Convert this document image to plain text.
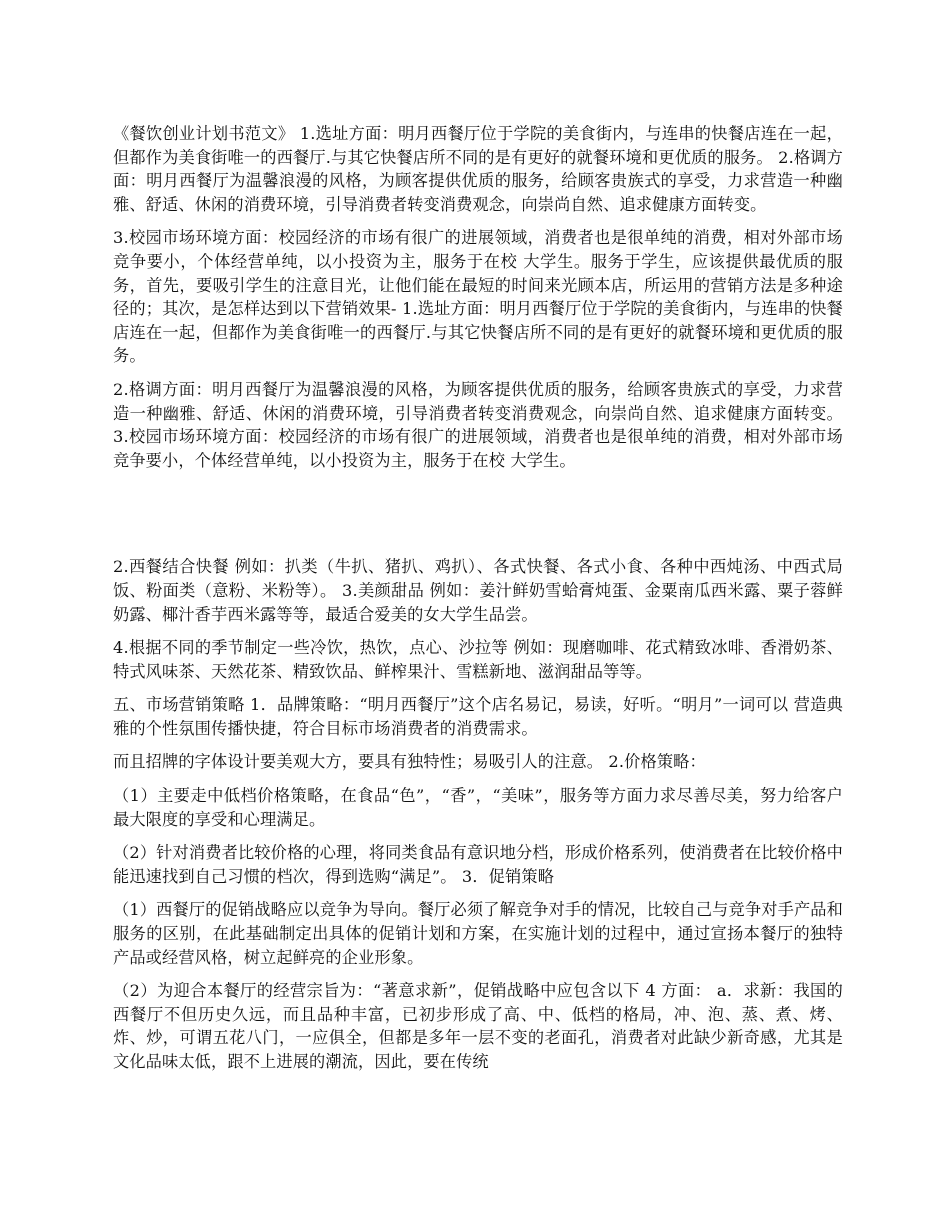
《餐饮创业计划书范文》 1.选址方面：明月西餐厅位于学院的美食街内，与连串的快餐店连在一起，但都作为美食街唯一的西餐厅.与其它快餐店所不同的是有更好的就餐环境和更优质的服务。 2.格调方面：明月西餐厅为温馨浪漫的风格，为顾客提供优质的服务，给顾客贵族式的享受，力求营造一种幽雅、舒适、休闲的消费环境，引导消费者转变消费观念，向崇尚自然、追求健康方面转变。

3.校园市场环境方面：校园经济的市场有很广的进展领域，消费者也是很单纯的消费，相对外部市场竞争要小，个体经营单纯，以小投资为主，服务于在校 大学生。服务于学生，应该提供最优质的服务，首先，要吸引学生的注意目光，让他们能在最短的时间来光顾本店，所运用的营销方法是多种途径的；其次，是怎样达到以下营销效果- 1.选址方面：明月西餐厅位于学院的美食街内，与连串的快餐店连在一起，但都作为美食街唯一的西餐厅.与其它快餐店所不同的是有更好的就餐环境和更优质的服务。

2.格调方面：明月西餐厅为温馨浪漫的风格，为顾客提供优质的服务，给顾客贵族式的享受，力求营造一种幽雅、舒适、休闲的消费环境，引导消费者转变消费观念，向崇尚自然、追求健康方面转变。 3.校园市场环境方面：校园经济的市场有很广的进展领域，消费者也是很单纯的消费，相对外部市场竞争要小，个体经营单纯，以小投资为主，服务于在校 大学生。

2.西餐结合快餐 例如：扒类（牛扒、猪扒、鸡扒）、各式快餐、各式小食、各种中西炖汤、中西式局饭、粉面类（意粉、米粉等）。 3.美颜甜品 例如：姜汁鲜奶雪蛤膏炖蛋、金粟南瓜西米露、粟子蓉鲜奶露、椰汁香芋西米露等等，最适合爱美的女大学生品尝。

4.根据不同的季节制定一些冷饮，热饮，点心、沙拉等 例如：现磨咖啡、花式精致冰啡、香滑奶茶、特式风味茶、天然花茶、精致饮品、鲜榨果汁、雪糕新地、滋润甜品等等。

五、市场营销策略 1．品牌策略：“明月西餐厅”这个店名易记，易读，好听。“明月”一词可以 营造典雅的个性氛围传播快捷，符合目标市场消费者的消费需求。

而且招牌的字体设计要美观大方，要具有独特性；易吸引人的注意。 2.价格策略：

（1）主要走中低档价格策略，在食品“色”，“香”，“美味”，服务等方面力求尽善尽美，努力给客户最大限度的享受和心理满足。

（2）针对消费者比较价格的心理，将同类食品有意识地分档，形成价格系列，使消费者在比较价格中能迅速找到自己习惯的档次，得到选购“满足”。 3．促销策略

（1）西餐厅的促销战略应以竞争为导向。餐厅必须了解竞争对手的情况，比较自己与竞争对手产品和服务的区别，在此基础制定出具体的促销计划和方案，在实施计划的过程中，通过宣扬本餐厅的独特产品或经营风格，树立起鲜亮的企业形象。

（2）为迎合本餐厅的经营宗旨为：“著意求新”，促销战略中应包含以下 4 方面： a．求新：我国的西餐厅不但历史久远，而且品种丰富，已初步形成了高、中、低档的格局，冲、泡、蒸、煮、烤、炸、炒，可谓五花八门，一应俱全，但都是多年一层不变的老面孔，消费者对此缺少新奇感，尤其是文化品味太低，跟不上进展的潮流，因此，要在传统
